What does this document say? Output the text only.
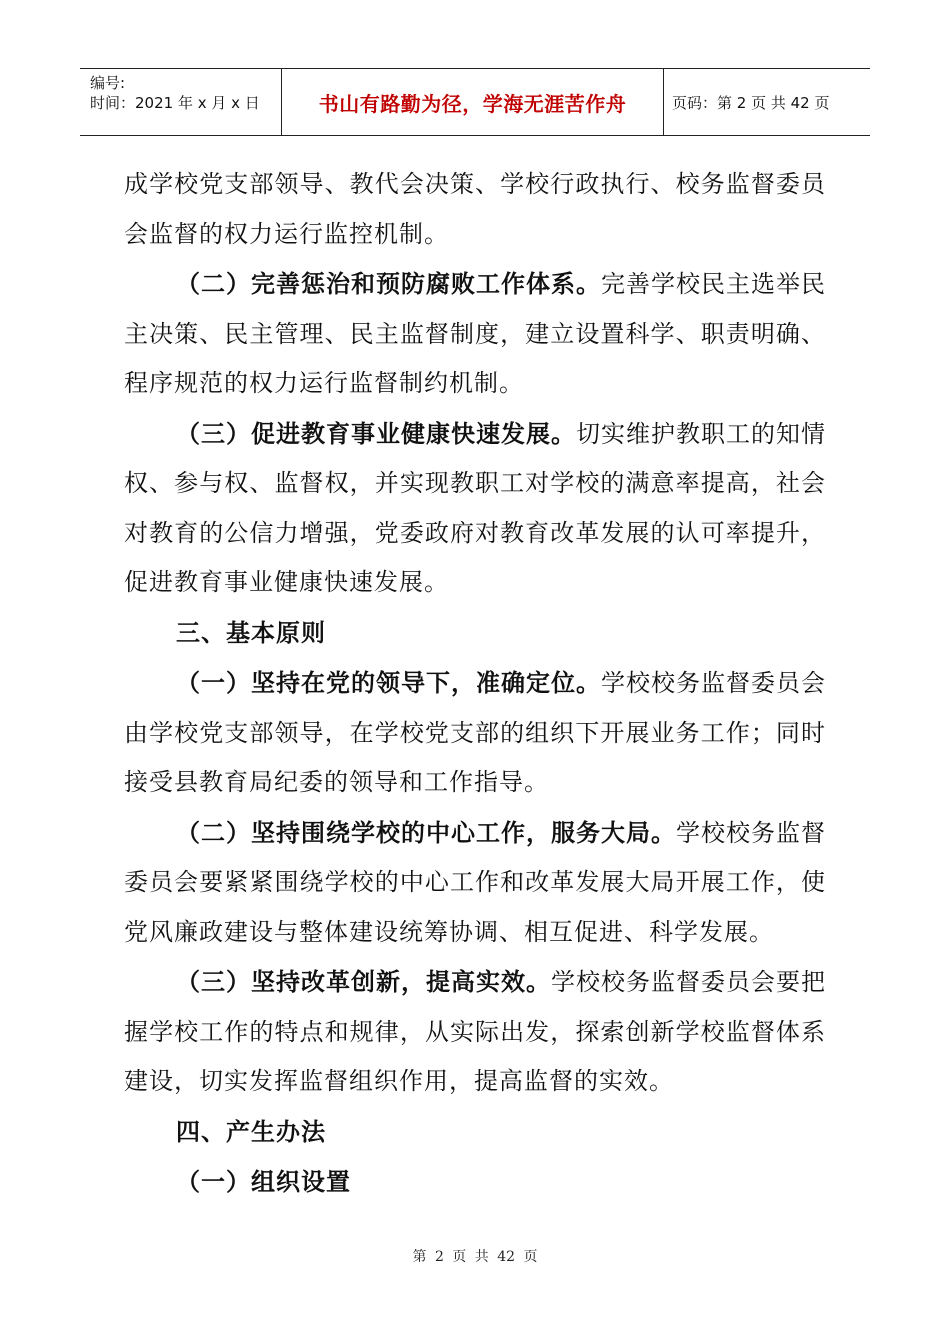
编号:
时间：2021 年 x 月 x 日	书山有路勤为径，学海无涯苦作舟	页码：第 2 页 共 42 页

成学校党支部领导、教代会决策、学校行政执行、校务监督委员会监督的权力运行监控机制。

（二）完善惩治和预防腐败工作体系。完善学校民主选举民主决策、民主管理、民主监督制度，建立设置科学、职责明确、程序规范的权力运行监督制约机制。

（三）促进教育事业健康快速发展。切实维护教职工的知情权、参与权、监督权，并实现教职工对学校的满意率提高，社会对教育的公信力增强，党委政府对教育改革发展的认可率提升，促进教育事业健康快速发展。

三、基本原则

（一）坚持在党的领导下，准确定位。学校校务监督委员会由学校党支部领导，在学校党支部的组织下开展业务工作；同时接受县教育局纪委的领导和工作指导。

（二）坚持围绕学校的中心工作，服务大局。学校校务监督委员会要紧紧围绕学校的中心工作和改革发展大局开展工作，使党风廉政建设与整体建设统筹协调、相互促进、科学发展。

（三）坚持改革创新，提高实效。学校校务监督委员会要把握学校工作的特点和规律，从实际出发，探索创新学校监督体系建设，切实发挥监督组织作用，提高监督的实效。

四、产生办法

（一）组织设置

第 2 页 共 42 页
